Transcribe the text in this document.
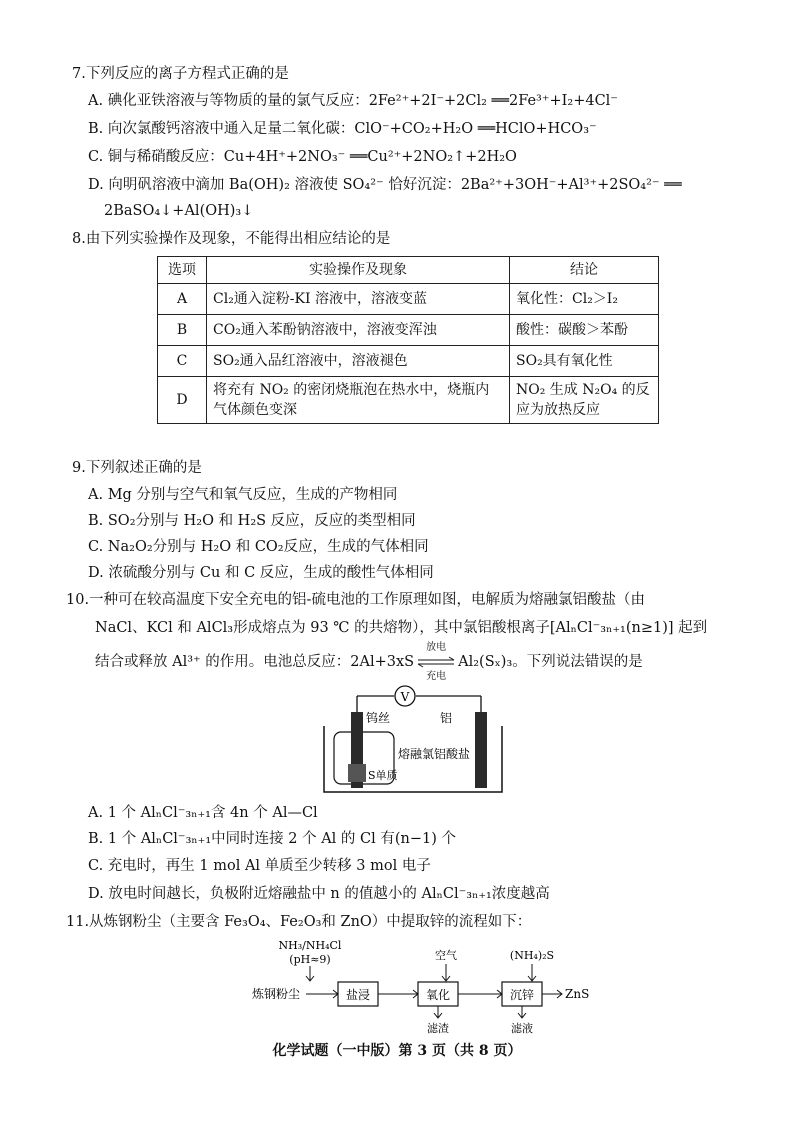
7.下列反应的离子方程式正确的是
A. 碘化亚铁溶液与等物质的量的氯气反应：2Fe²⁺+2I⁻+2Cl₂ ══2Fe³⁺+I₂+4Cl⁻
B. 向次氯酸钙溶液中通入足量二氧化碳：ClO⁻+CO₂+H₂O ══HClO+HCO₃⁻
C. 铜与稀硝酸反应：Cu+4H⁺+2NO₃⁻ ══Cu²⁺+2NO₂↑+2H₂O
D. 向明矾溶液中滴加 Ba(OH)₂ 溶液使 SO₄²⁻ 恰好沉淀：2Ba²⁺+3OH⁻+Al³⁺+2SO₄²⁻ ══
2BaSO₄↓+Al(OH)₃↓
8.由下列实验操作及现象，不能得出相应结论的是
选项	实验操作及现象	结论
A	Cl₂通入淀粉-KI 溶液中，溶液变蓝	氧化性：Cl₂＞I₂
B	CO₂通入苯酚钠溶液中，溶液变浑浊	酸性：碳酸＞苯酚
C	SO₂通入品红溶液中，溶液褪色	SO₂具有氧化性
D	将充有 NO₂ 的密闭烧瓶泡在热水中，烧瓶内气体颜色变深	NO₂ 生成 N₂O₄ 的反应为放热反应
9.下列叙述正确的是
A. Mg 分别与空气和氧气反应，生成的产物相同
B. SO₂分别与 H₂O 和 H₂S 反应，反应的类型相同
C. Na₂O₂分别与 H₂O 和 CO₂反应，生成的气体相同
D. 浓硫酸分别与 Cu 和 C 反应，生成的酸性气体相同
10.一种可在较高温度下安全充电的铝-硫电池的工作原理如图，电解质为熔融氯铝酸盐（由
NaCl、KCl 和 AlCl₃形成熔点为 93 ℃ 的共熔物），其中氯铝酸根离子[AlₙCl⁻₃ₙ₊₁(n≥1)] 起到
结合或释放 Al³⁺ 的作用。电池总反应：2Al+3xS
放电
充电
Al₂(Sₓ)₃。下列说法错误的是
V
钨丝	铝
S单质
熔融氯铝酸盐
A. 1 个 AlₙCl⁻₃ₙ₊₁含 4n 个 Al—Cl
B. 1 个 AlₙCl⁻₃ₙ₊₁中同时连接 2 个 Al 的 Cl 有(n−1) 个
C. 充电时，再生 1 mol Al 单质至少转移 3 mol 电子
D. 放电时间越长，负极附近熔融盐中 n 的值越小的 AlₙCl⁻₃ₙ₊₁浓度越高
11.从炼钢粉尘（主要含 Fe₃O₄、Fe₂O₃和 ZnO）中提取锌的流程如下：
NH₃/NH₄Cl
(pH≈9)	空气	(NH₄)₂S
炼钢粉尘	盐浸	氧化	沉锌	ZnS
滤渣	滤液
化学试题（一中版）第 3 页（共 8 页）
